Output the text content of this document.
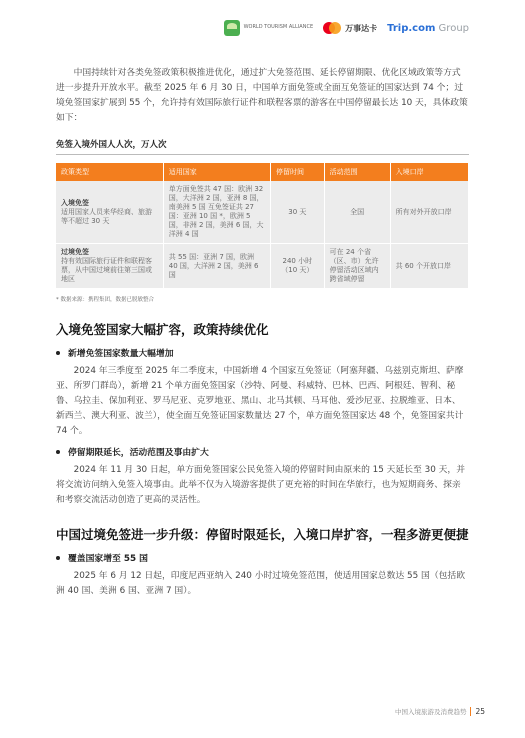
WORLD TOURISM ALLIANCE	万事达卡 Trip.com Group

中国持续针对各类免签政策积极推进优化，通过扩大免签范围、延长停留期限、优化区域政策等方式进一步提升开放水平。截至 2025 年 6 月 30 日，中国单方面免签或全面互免签证的国家达到 74 个；过境免签国家扩展到 55 个，允许持有效国际旅行证件和联程客票的游客在中国停留最长达 10 天，具体政策如下：

免签入境外国人人次，万人次
政策类型	适用国家	停留时间	活动范围	入境口岸

入境免签
适用国家人员来华经商、旅游等不超过 30 天	单方面免签共 47 国：欧洲 32 国，大洋洲 2 国，亚洲 8 国，南美洲 5 国 互免签证共 27 国：亚洲 10 国 *，欧洲 5 国，非洲 2 国，美洲 6 国，大洋洲 4 国	30 天	全国	所有对外开放口岸

过境免签
持有效国际旅行证件和联程客票，从中国过境前往第三国或地区	共 55 国：亚洲 7 国，欧洲 40 国，大洋洲 2 国，美洲 6 国	240 小时（10 天）	可在 24 个省（区、市）允许停留活动区域内跨省域停留	共 60 个开放口岸
* 数据来源：携程集团，数据已脱敏整合
入境免签国家大幅扩容，政策持续优化
新增免签国家数量大幅增加

2024 年三季度至 2025 年二季度末，中国新增 4 个国家互免签证（阿塞拜疆、乌兹别克斯坦、萨摩亚、所罗门群岛），新增 21 个单方面免签国家（沙特、阿曼、科威特、巴林、巴西、阿根廷、智利、秘鲁、乌拉圭、保加利亚、罗马尼亚、克罗地亚、黑山、北马其顿、马耳他、爱沙尼亚、拉脱维亚、日本、新西兰、澳大利亚、波兰），使全面互免签证国家数量达 27 个，单方面免签国家达 48 个，免签国家共计 74 个。

停留期限延长，活动范围及事由扩大

2024 年 11 月 30 日起，单方面免签国家公民免签入境的停留时间由原来的 15 天延长至 30 天，并将交流访问纳入免签入境事由。此举不仅为入境游客提供了更充裕的时间在华旅行，也为短期商务、探亲和考察交流活动创造了更高的灵活性。

中国过境免签进一步升级：停留时限延长，入境口岸扩容，一程多游更便捷
覆盖国家增至 55 国

2025 年 6 月 12 日起，印度尼西亚纳入 240 小时过境免签范围，使适用国家总数达 55 国（包括欧洲 40 国、美洲 6 国、亚洲 7 国）。

中国入境旅游及消费趋势 25
